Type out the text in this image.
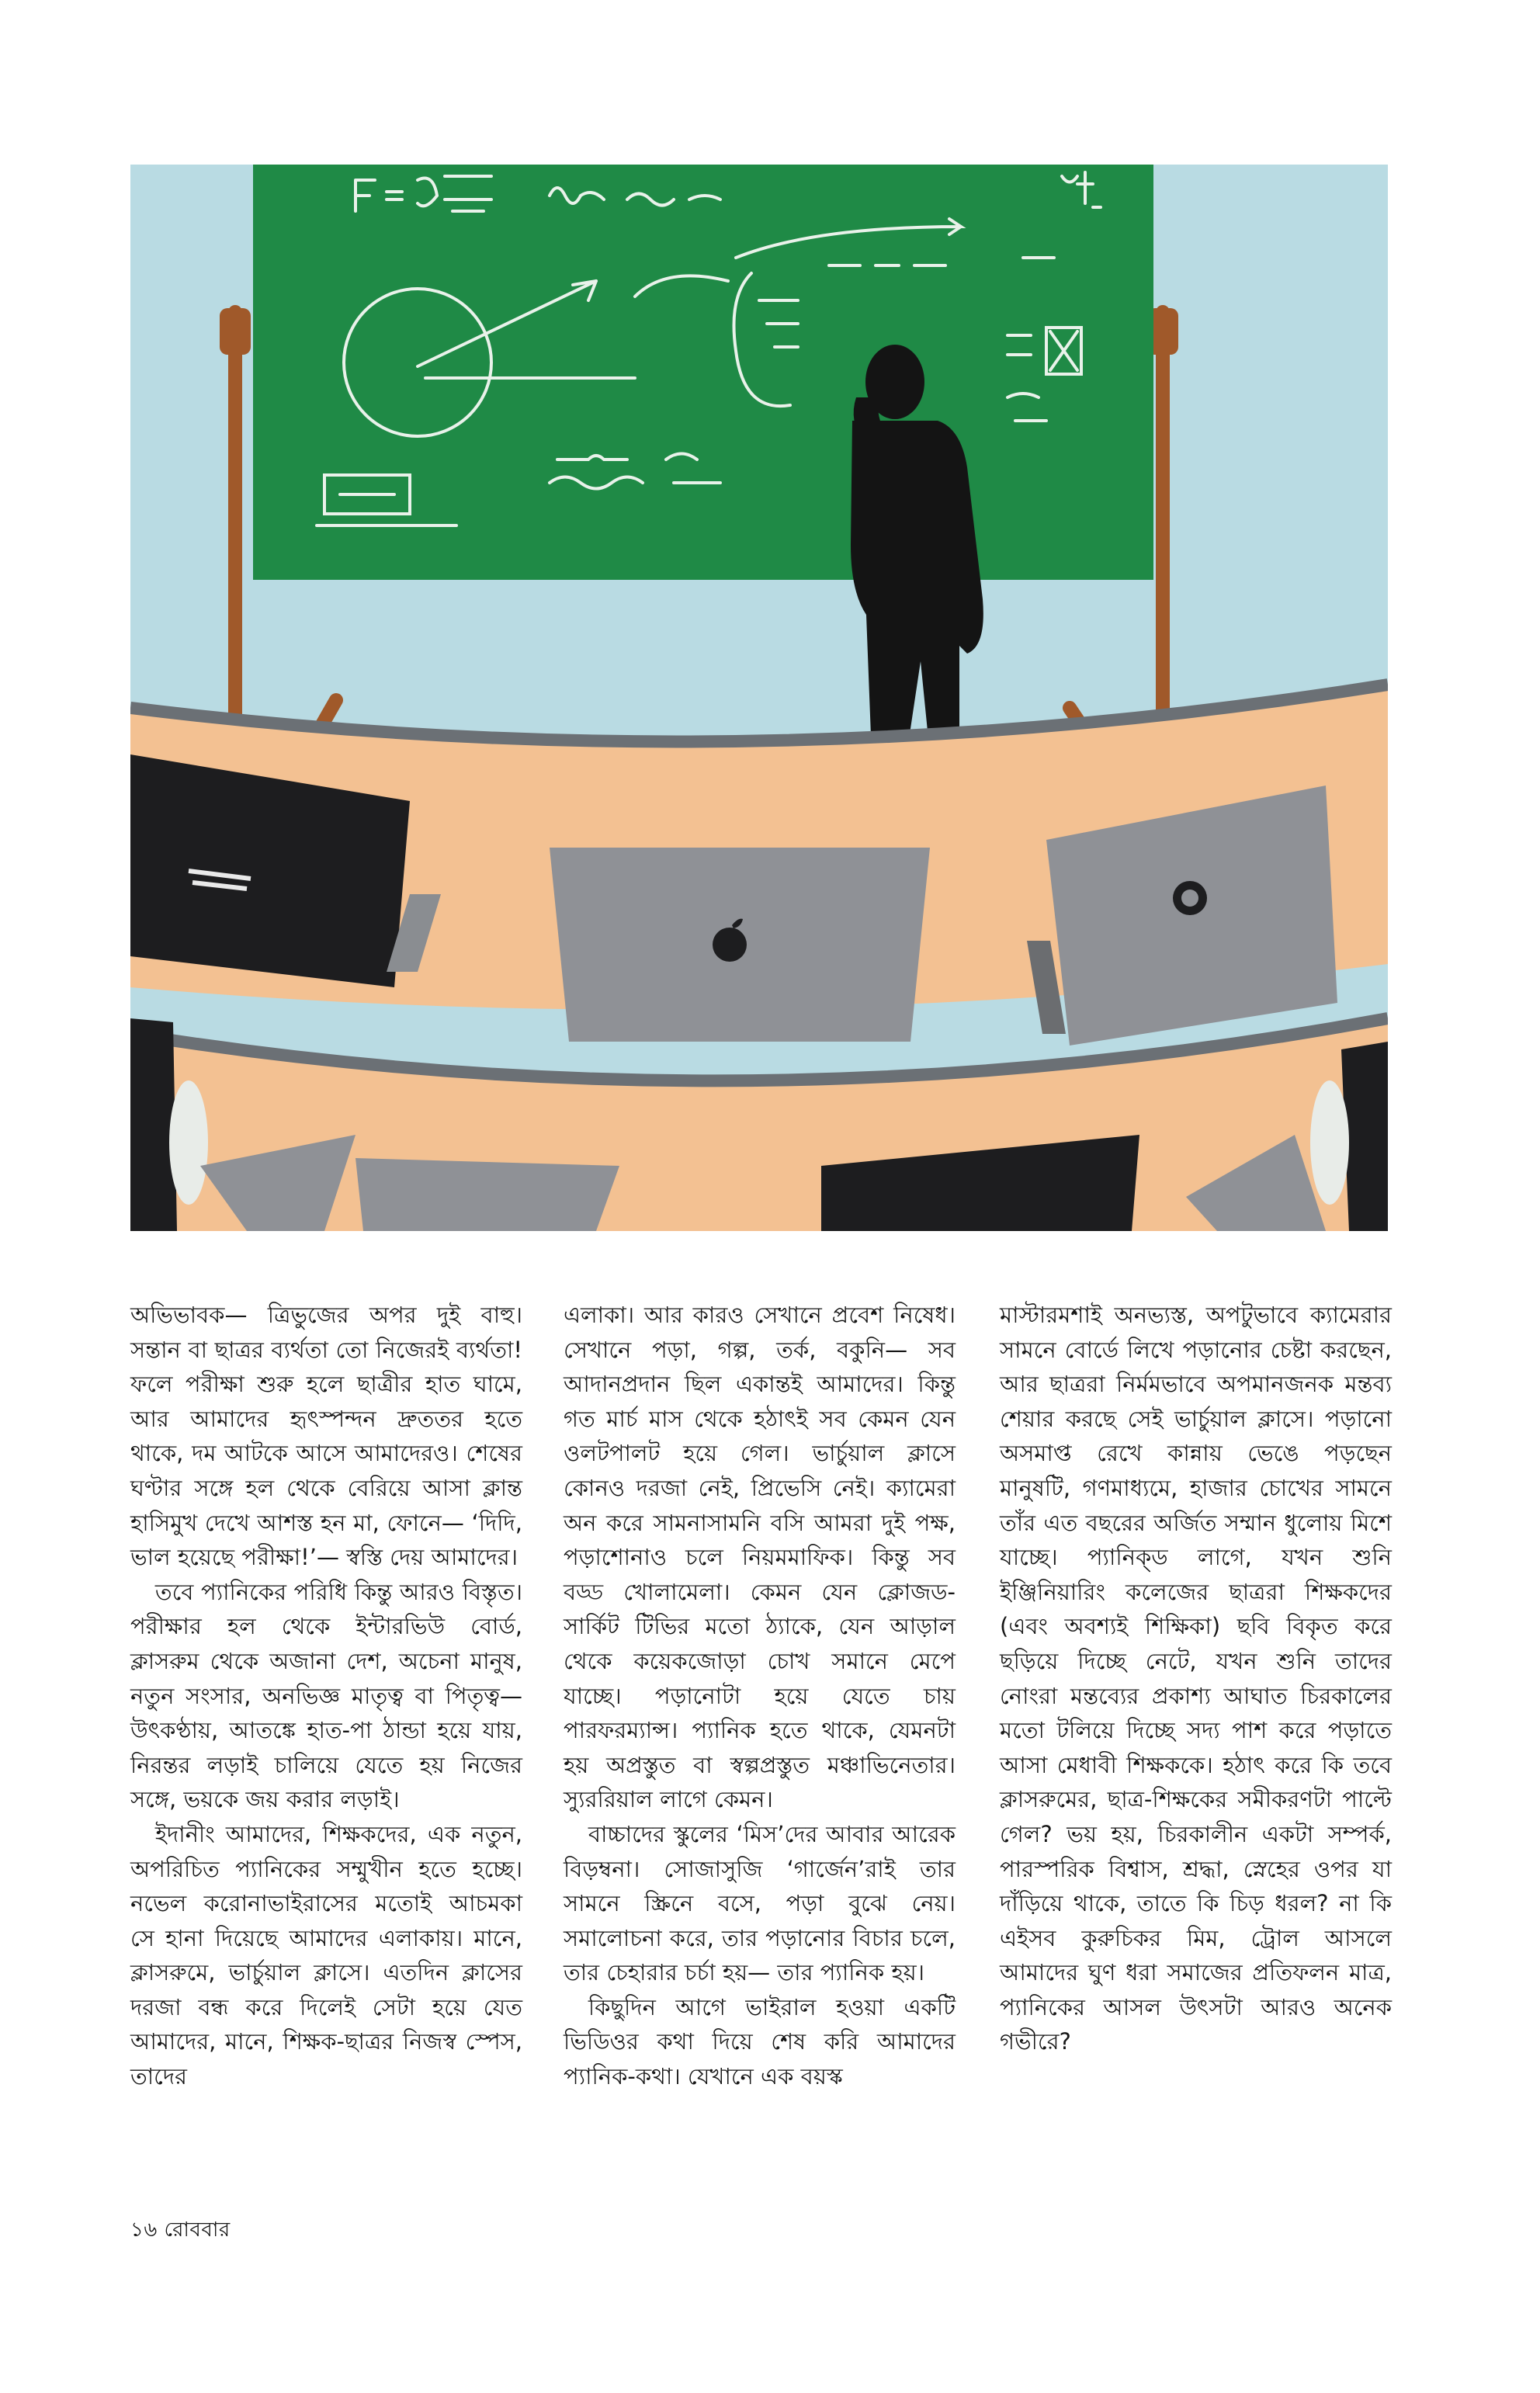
অভিভাবক— ত্রিভুজের অপর দুই বাহু। সন্তান বা ছাত্রর ব্যর্থতা তো নিজেরই ব্যর্থতা! ফলে পরীক্ষা শুরু হলে ছাত্রীর হাত ঘামে, আর আমাদের হৃৎস্পন্দন দ্রুততর হতে থাকে, দম আটকে আসে আমাদেরও। শেষের ঘণ্টার সঙ্গে হল থেকে বেরিয়ে আসা ক্লান্ত হাসিমুখ দেখে আশস্ত হন মা, ফোনে— ‘দিদি, ভাল হয়েছে পরীক্ষা!’— স্বস্তি দেয় আমাদের।

তবে প্যানিকের পরিধি কিন্তু আরও বিস্তৃত। পরীক্ষার হল থেকে ইন্টারভিউ বোর্ড, ক্লাসরুম থেকে অজানা দেশ, অচেনা মানুষ, নতুন সংসার, অনভিজ্ঞ মাতৃত্ব বা পিতৃত্ব— উৎকণ্ঠায়, আতঙ্কে হাত-পা ঠান্ডা হয়ে যায়, নিরন্তর লড়াই চালিয়ে যেতে হয় নিজের সঙ্গে, ভয়কে জয় করার লড়াই।

ইদানীং আমাদের, শিক্ষকদের, এক নতুন, অপরিচিত প্যানিকের সম্মুখীন হতে হচ্ছে। নভেল করোনাভাইরাসের মতোই আচমকা সে হানা দিয়েছে আমাদের এলাকায়। মানে, ক্লাসরুমে, ভার্চুয়াল ক্লাসে। এতদিন ক্লাসের দরজা বন্ধ করে দিলেই সেটা হয়ে যেত আমাদের, মানে, শিক্ষক-ছাত্রর নিজস্ব স্পেস, তাদের

এলাকা। আর কারও সেখানে প্রবেশ নিষেধ। সেখানে পড়া, গল্প, তর্ক, বকুনি— সব আদানপ্রদান ছিল একান্তই আমাদের। কিন্তু গত মার্চ মাস থেকে হঠাৎই সব কেমন যেন ওলটপালট হয়ে গেল। ভার্চুয়াল ক্লাসে কোনও দরজা নেই, প্রিভেসি নেই। ক্যামেরা অন করে সামনাসামনি বসি আমরা দুই পক্ষ, পড়াশোনাও চলে নিয়মমাফিক। কিন্তু সব বড্ড খোলামেলা। কেমন যেন ক্লোজড-সার্কিট টিভির মতো ঠ্যাকে, যেন আড়াল থেকে কয়েকজোড়া চোখ সমানে মেপে যাচ্ছে। পড়ানোটা হয়ে যেতে চায় পারফরম্যান্স। প্যানিক হতে থাকে, যেমনটা হয় অপ্রস্তুত বা স্বল্পপ্রস্তুত মঞ্চাভিনেতার। স্যুররিয়াল লাগে কেমন।

বাচ্চাদের স্কুলের ‘মিস’দের আবার আরেক বিড়ম্বনা। সোজাসুজি ‘গার্জেন’রাই তার সামনে স্ক্রিনে বসে, পড়া বুঝে নেয়। সমালোচনা করে, তার পড়ানোর বিচার চলে, তার চেহারার চর্চা হয়— তার প্যানিক হয়।

কিছুদিন আগে ভাইরাল হওয়া একটি ভিডিওর কথা দিয়ে শেষ করি আমাদের প্যানিক-কথা। যেখানে এক বয়স্ক

মাস্টারমশাই অনভ্যস্ত, অপটুভাবে ক্যামেরার সামনে বোর্ডে লিখে পড়ানোর চেষ্টা করছেন, আর ছাত্ররা নির্মমভাবে অপমানজনক মন্তব্য শেয়ার করছে সেই ভার্চুয়াল ক্লাসে। পড়ানো অসমাপ্ত রেখে কান্নায় ভেঙে পড়ছেন মানুষটি, গণমাধ্যমে, হাজার চোখের সামনে তাঁর এত বছরের অর্জিত সম্মান ধুলোয় মিশে যাচ্ছে। প্যানিক্ড লাগে, যখন শুনি ইঞ্জিনিয়ারিং কলেজের ছাত্ররা শিক্ষকদের (এবং অবশ্যই শিক্ষিকা) ছবি বিকৃত করে ছড়িয়ে দিচ্ছে নেটে, যখন শুনি তাদের নোংরা মন্তব্যের প্রকাশ্য আঘাত চিরকালের মতো টলিয়ে দিচ্ছে সদ্য পাশ করে পড়াতে আসা মেধাবী শিক্ষককে। হঠাৎ করে কি তবে ক্লাসরুমের, ছাত্র-শিক্ষকের সমীকরণটা পাল্টে গেল? ভয় হয়, চিরকালীন একটা সম্পর্ক, পারস্পরিক বিশ্বাস, শ্রদ্ধা, স্নেহের ওপর যা দাঁড়িয়ে থাকে, তাতে কি চিড় ধরল? না কি এইসব কুরুচিকর মিম, ট্রোল আসলে আমাদের ঘুণ ধরা সমাজের প্রতিফলন মাত্র, প্যানিকের আসল উৎসটা আরও অনেক গভীরে?

১৬ রোববার
